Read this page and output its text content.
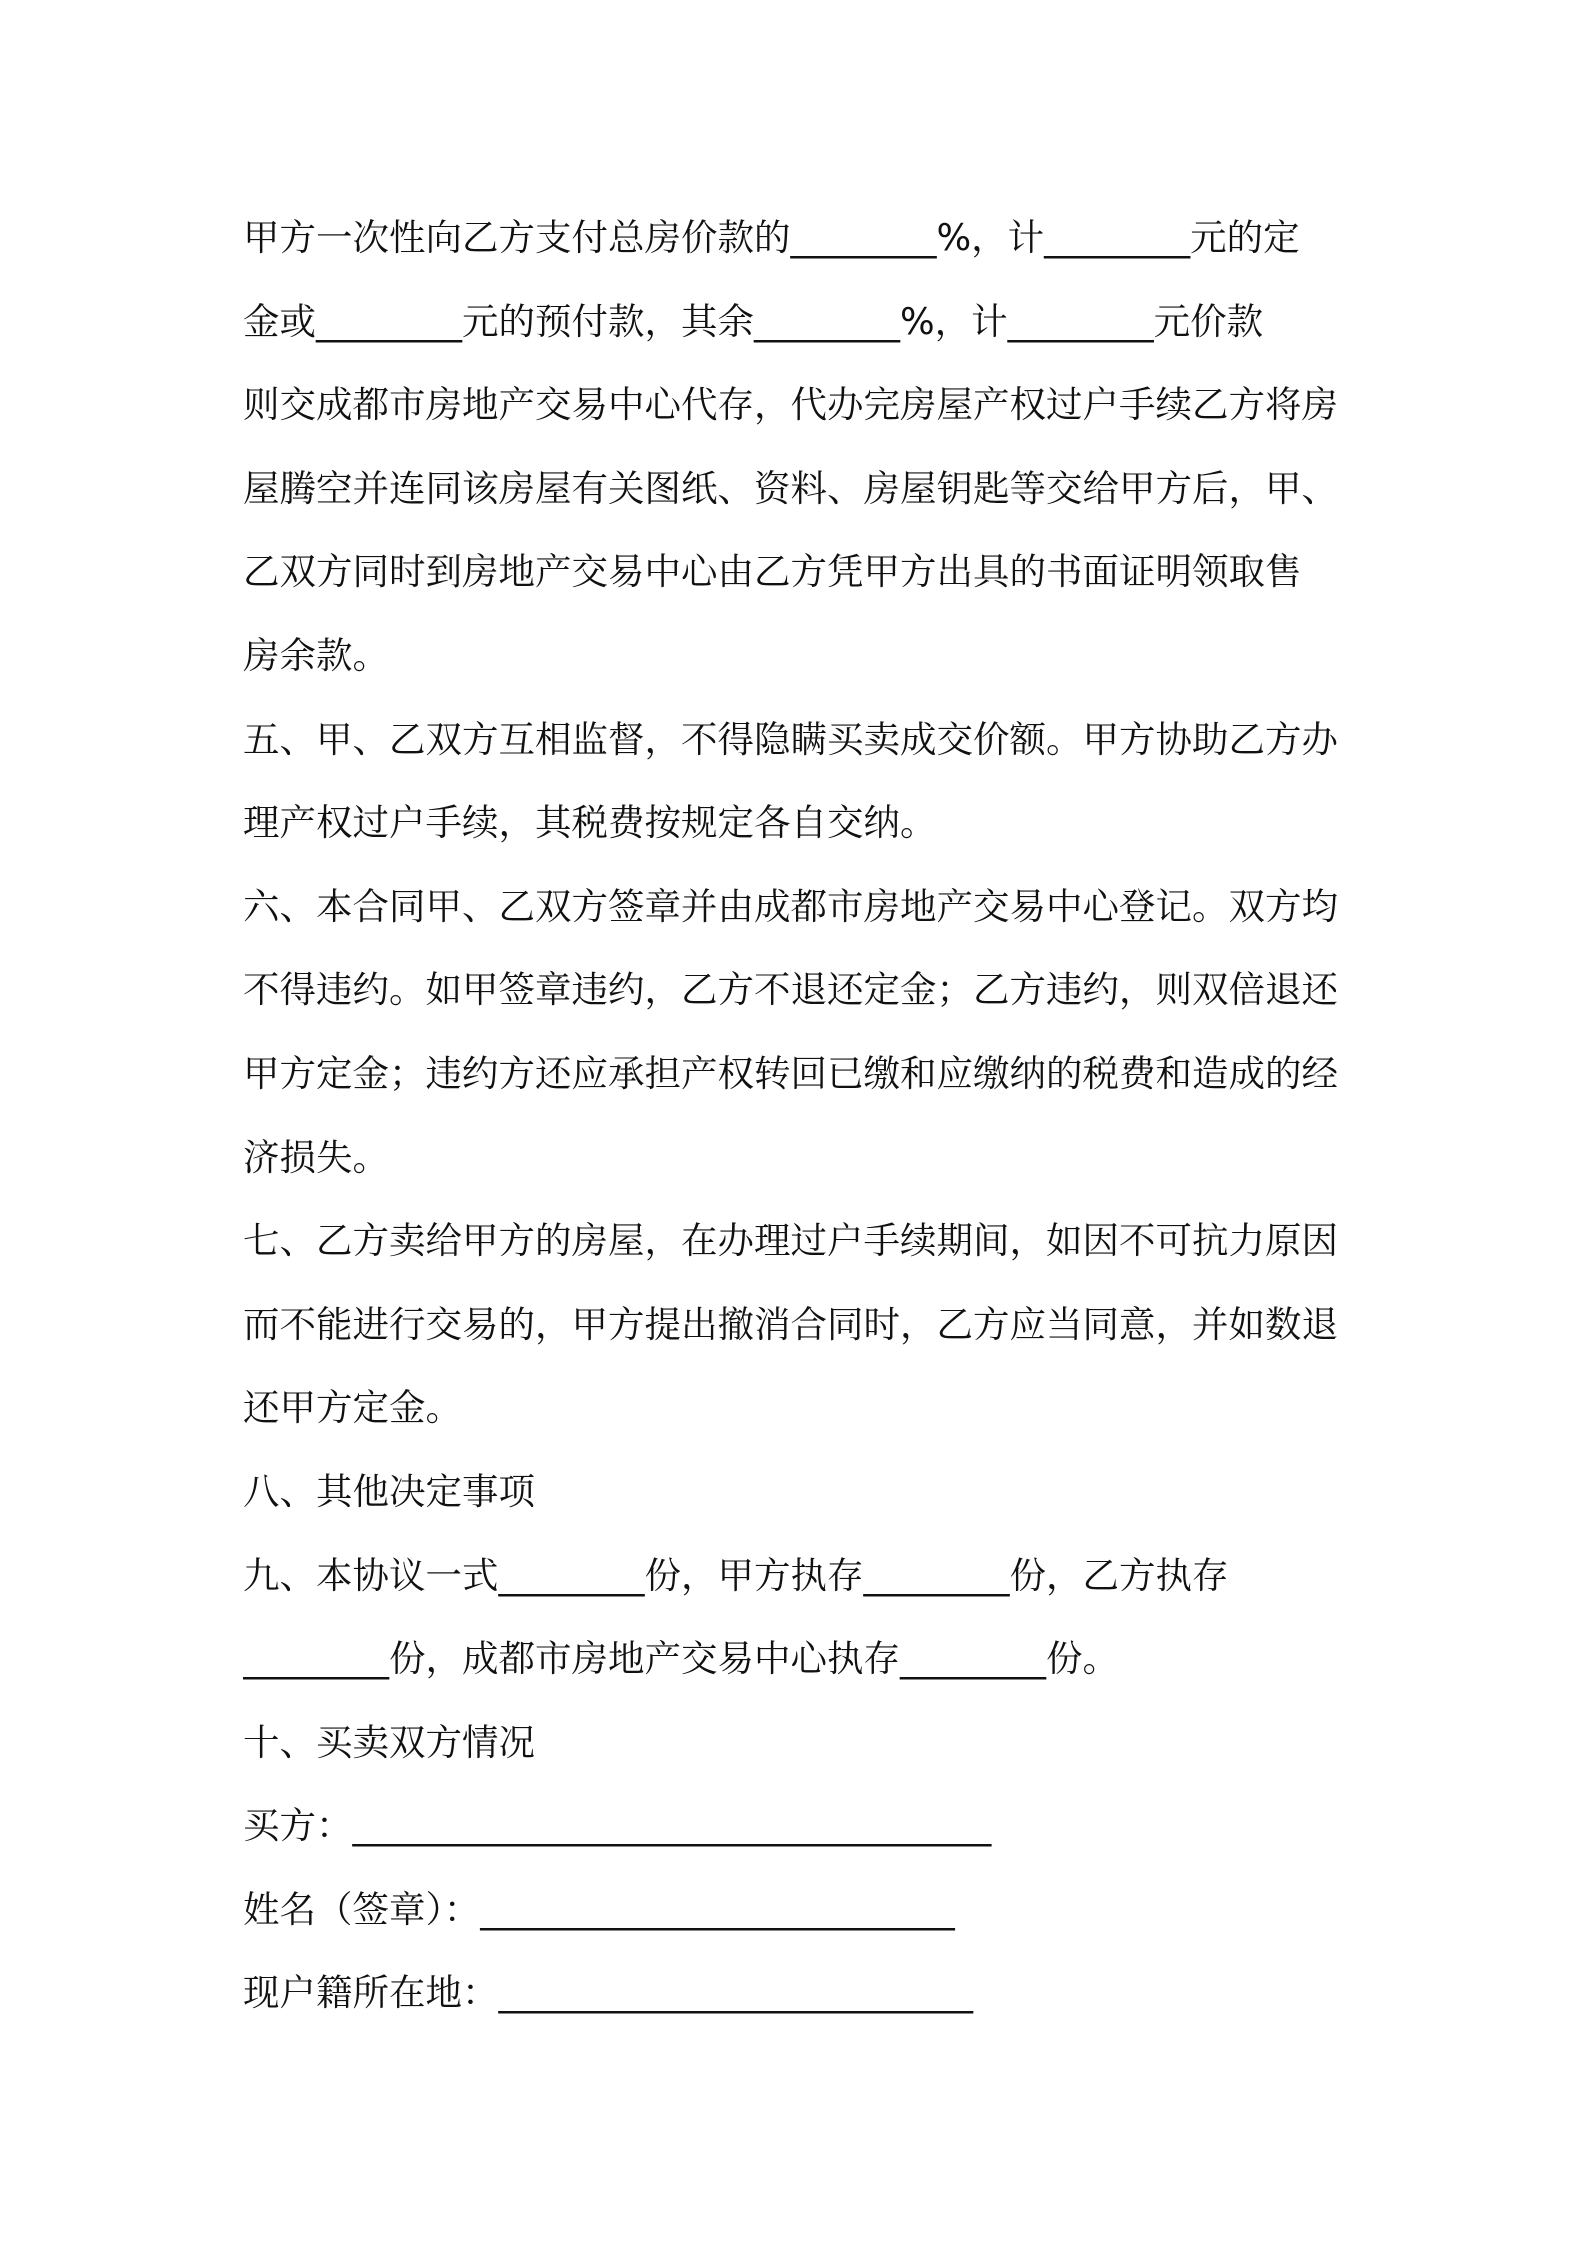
甲方一次性向乙方支付总房价款的________%，计________元的定
金或________元的预付款，其余________%，计________元价款
则交成都市房地产交易中心代存，代办完房屋产权过户手续乙方将房
屋腾空并连同该房屋有关图纸、资料、房屋钥匙等交给甲方后，甲、
乙双方同时到房地产交易中心由乙方凭甲方出具的书面证明领取售
房余款。
五、甲、乙双方互相监督，不得隐瞒买卖成交价额。甲方协助乙方办
理产权过户手续，其税费按规定各自交纳。
六、本合同甲、乙双方签章并由成都市房地产交易中心登记。双方均
不得违约。如甲签章违约，乙方不退还定金；乙方违约，则双倍退还
甲方定金；违约方还应承担产权转回已缴和应缴纳的税费和造成的经
济损失。
七、乙方卖给甲方的房屋，在办理过户手续期间，如因不可抗力原因
而不能进行交易的，甲方提出撤消合同时，乙方应当同意，并如数退
还甲方定金。
八、其他决定事项
九、本协议一式________份，甲方执存________份，乙方执存
________份，成都市房地产交易中心执存________份。
十、买卖双方情况
买方：___________________________________
姓名（签章）：__________________________
现户籍所在地：__________________________
